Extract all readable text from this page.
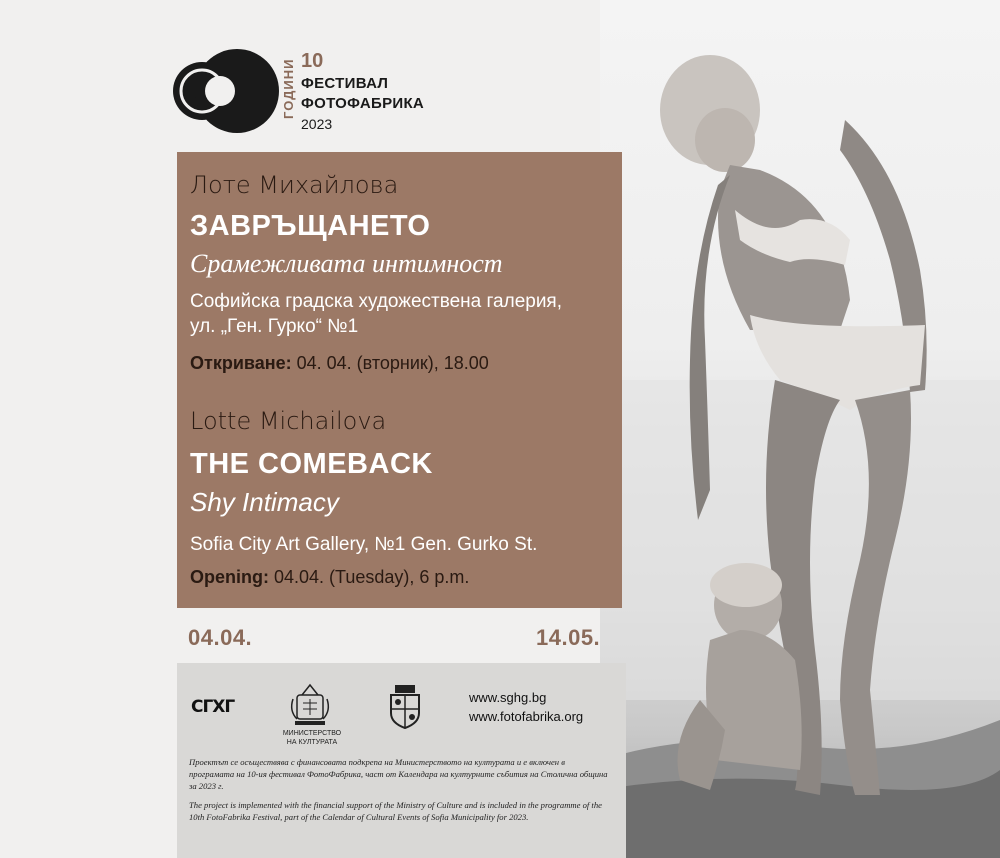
ГОДИНИ 10
ФЕСТИВАЛ
ФОТОФАБРИКА
2023
Лоте Михайлова
ЗАВРЪЩАНЕТО
Срамежливата интимност
Софийска градска художествена галерия,
ул. „Ген. Гурко“ №1
Откриване: 04. 04. (вторник), 18.00
Lotte Michailova
THE COMEBACK
Shy Intimacy
Sofia City Art Gallery, №1 Gen. Gurko St.
Opening: 04.04. (Tuesday), 6 p.m.
04.04.	14.05.
СГХГ
МИНИСТЕРСТВО НА КУЛТУРАТА
www.sghg.bg
www.fotofabrika.org
Проектът се осъществява с финансовата подкрепа на Министерството на културата и е включен в програмата на 10-ия фестивал ФотоФабрика, част от Календара на културните събития на Столична община за 2023 г.
The project is implemented with the financial support of the Ministry of Culture and is included in the programme of the 10th FotoFabrika Festival, part of the Calendar of Cultural Events of Sofia Municipality for 2023.
